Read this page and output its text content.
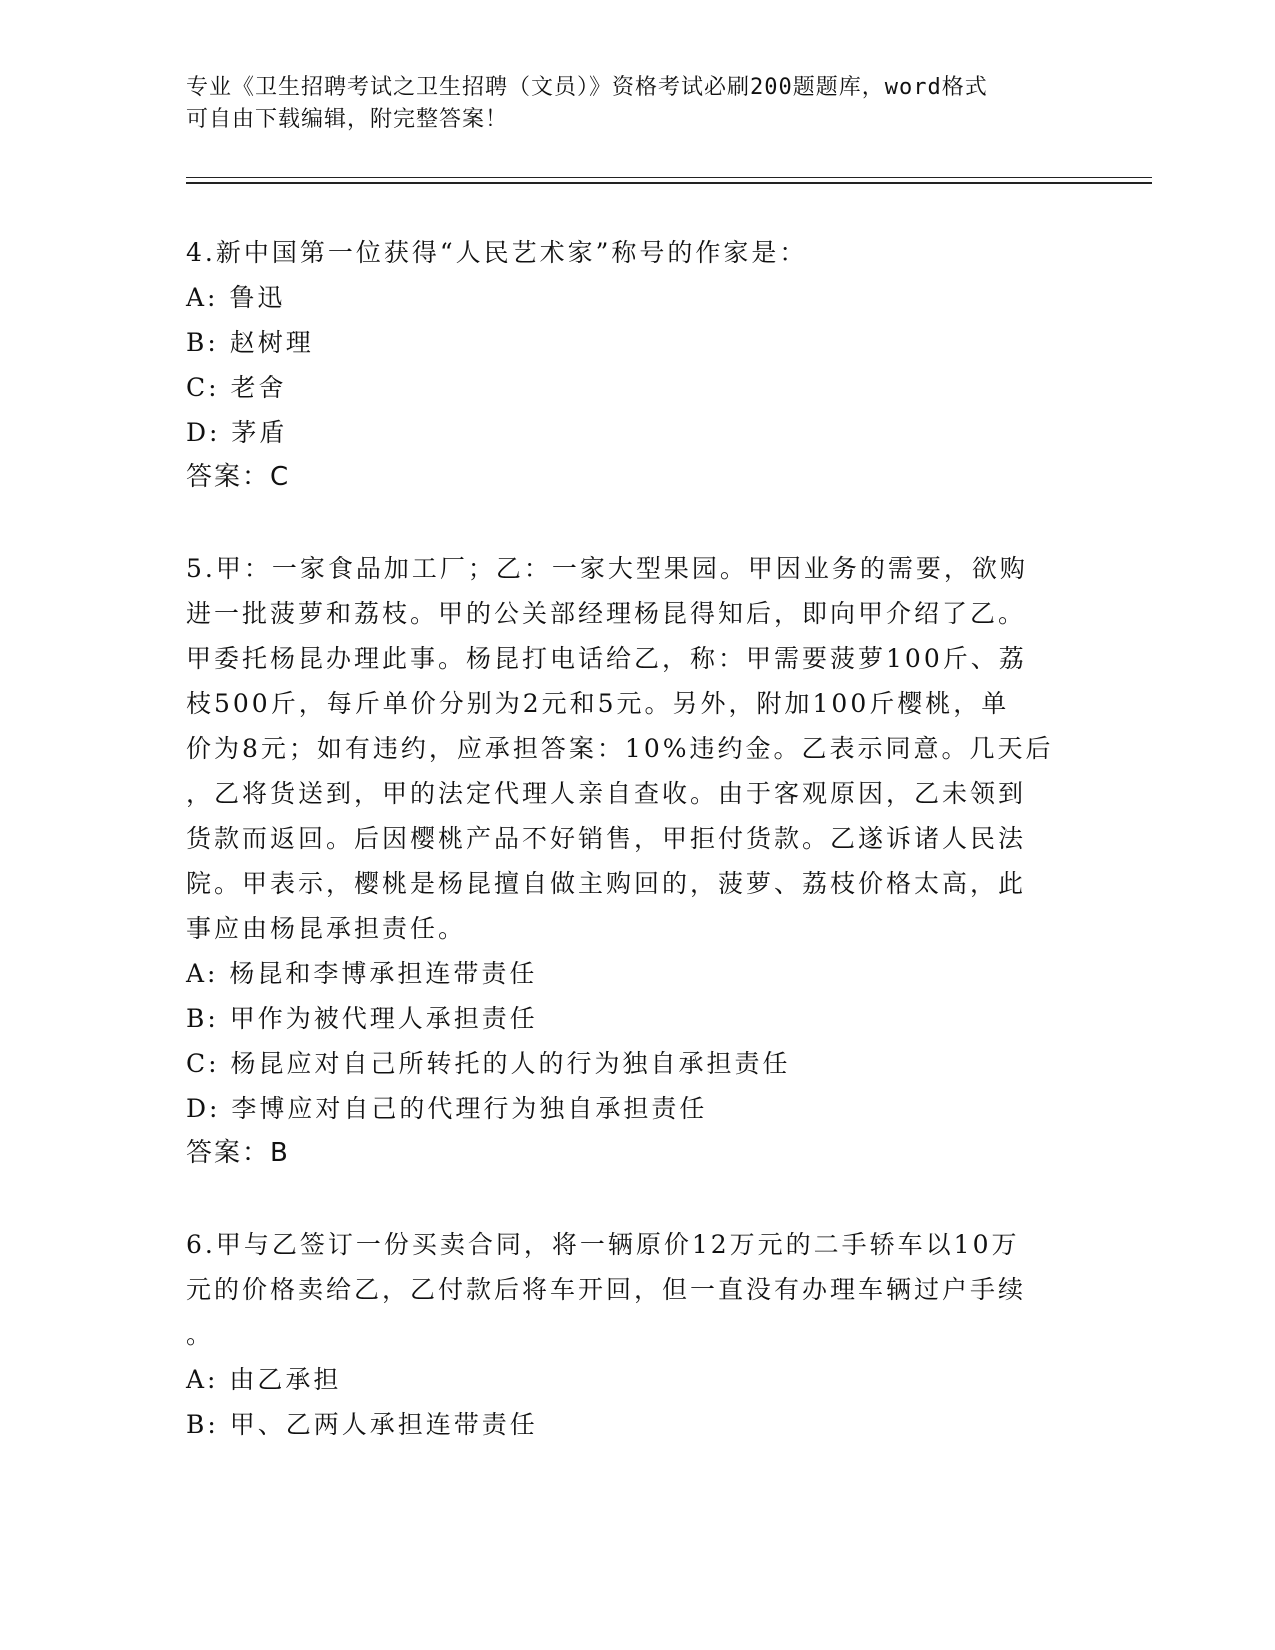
专业《卫生招聘考试之卫生招聘（文员）》资格考试必刷200题题库，word格式
可自由下载编辑，附完整答案！
4.新中国第一位获得“人民艺术家”称号的作家是：
A: 鲁迅
B: 赵树理
C: 老舍
D: 茅盾
答案：C
5.甲：一家食品加工厂；乙：一家大型果园。甲因业务的需要，欲购
进一批菠萝和荔枝。甲的公关部经理杨昆得知后，即向甲介绍了乙。
甲委托杨昆办理此事。杨昆打电话给乙，称：甲需要菠萝100斤、荔
枝500斤，每斤单价分别为2元和5元。另外，附加100斤樱桃，单
价为8元；如有违约，应承担答案：10%违约金。乙表示同意。几天后
，乙将货送到，甲的法定代理人亲自查收。由于客观原因，乙未领到
货款而返回。后因樱桃产品不好销售，甲拒付货款。乙遂诉诸人民法
院。甲表示，樱桃是杨昆擅自做主购回的，菠萝、荔枝价格太高，此
事应由杨昆承担责任。
A: 杨昆和李博承担连带责任
B: 甲作为被代理人承担责任
C: 杨昆应对自己所转托的人的行为独自承担责任
D: 李博应对自己的代理行为独自承担责任
答案：B
6.甲与乙签订一份买卖合同，将一辆原价12万元的二手轿车以10万
元的价格卖给乙，乙付款后将车开回，但一直没有办理车辆过户手续
。
A: 由乙承担
B: 甲、乙两人承担连带责任
